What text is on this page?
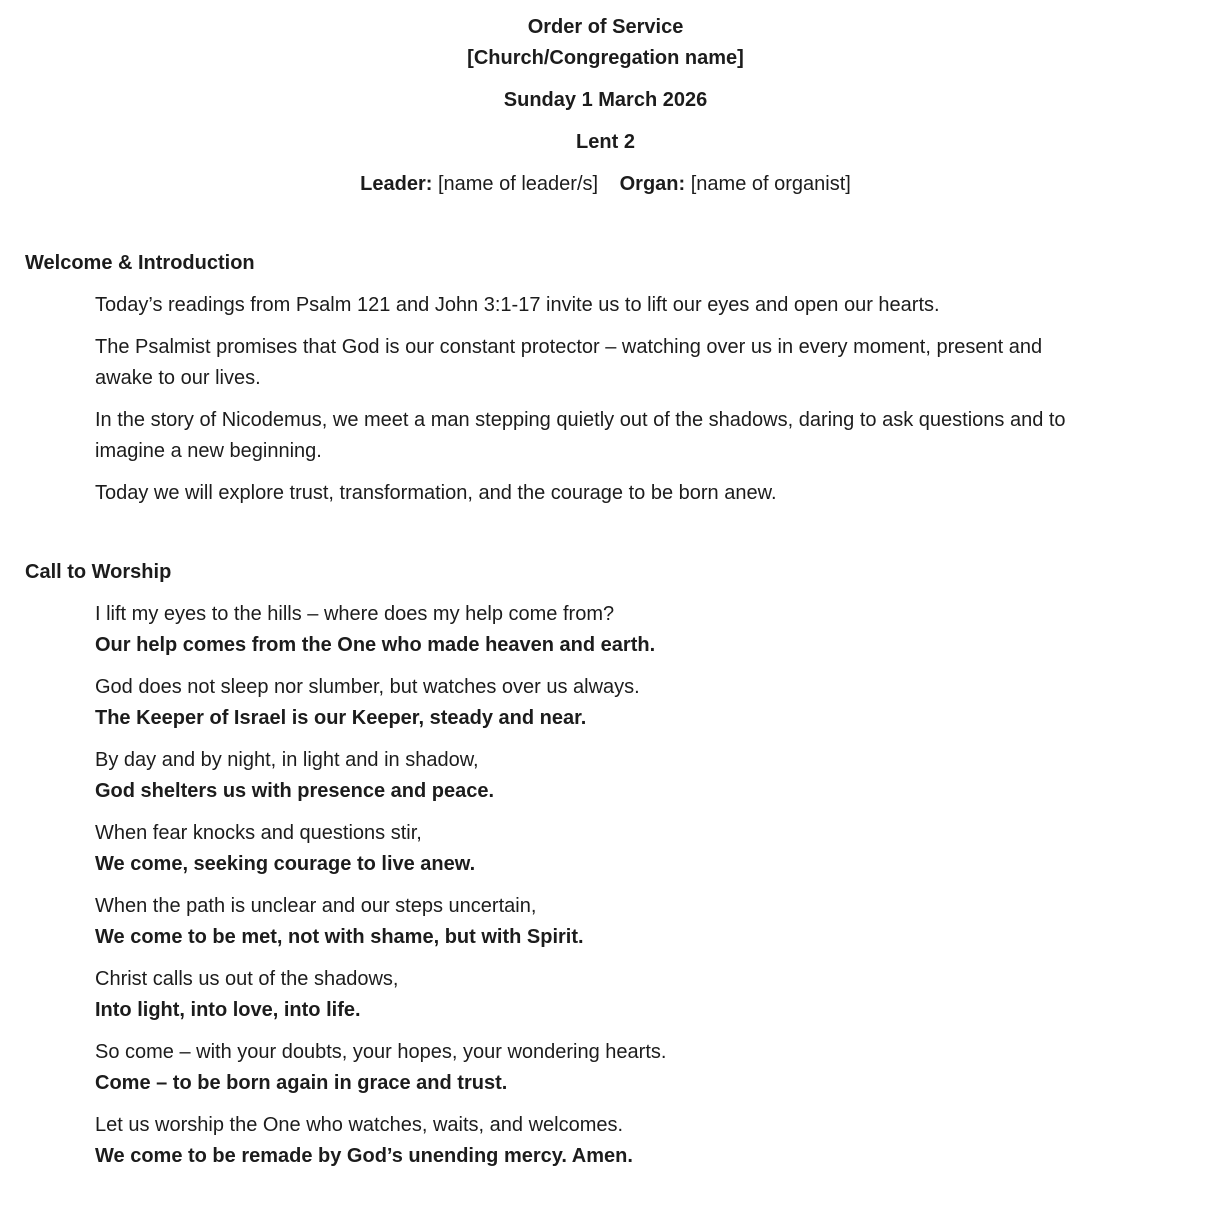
Order of Service
[Church/Congregation name]
Sunday 1 March 2026
Lent 2
Leader: [name of leader/s] Organ: [name of organist]
Welcome & Introduction

Today’s readings from Psalm 121 and John 3:1-17 invite us to lift our eyes and open our hearts.

The Psalmist promises that God is our constant protector – watching over us in every moment, present and awake to our lives.

In the story of Nicodemus, we meet a man stepping quietly out of the shadows, daring to ask questions and to imagine a new beginning.

Today we will explore trust, transformation, and the courage to be born anew.

Call to Worship
I lift my eyes to the hills – where does my help come from?
Our help comes from the One who made heaven and earth.
God does not sleep nor slumber, but watches over us always.
The Keeper of Israel is our Keeper, steady and near.
By day and by night, in light and in shadow,
God shelters us with presence and peace.
When fear knocks and questions stir,
We come, seeking courage to live anew.
When the path is unclear and our steps uncertain,
We come to be met, not with shame, but with Spirit.
Christ calls us out of the shadows,
Into light, into love, into life.
So come – with your doubts, your hopes, your wondering hearts.
Come – to be born again in grace and trust.
Let us worship the One who watches, waits, and welcomes.
We come to be remade by God’s unending mercy. Amen.
